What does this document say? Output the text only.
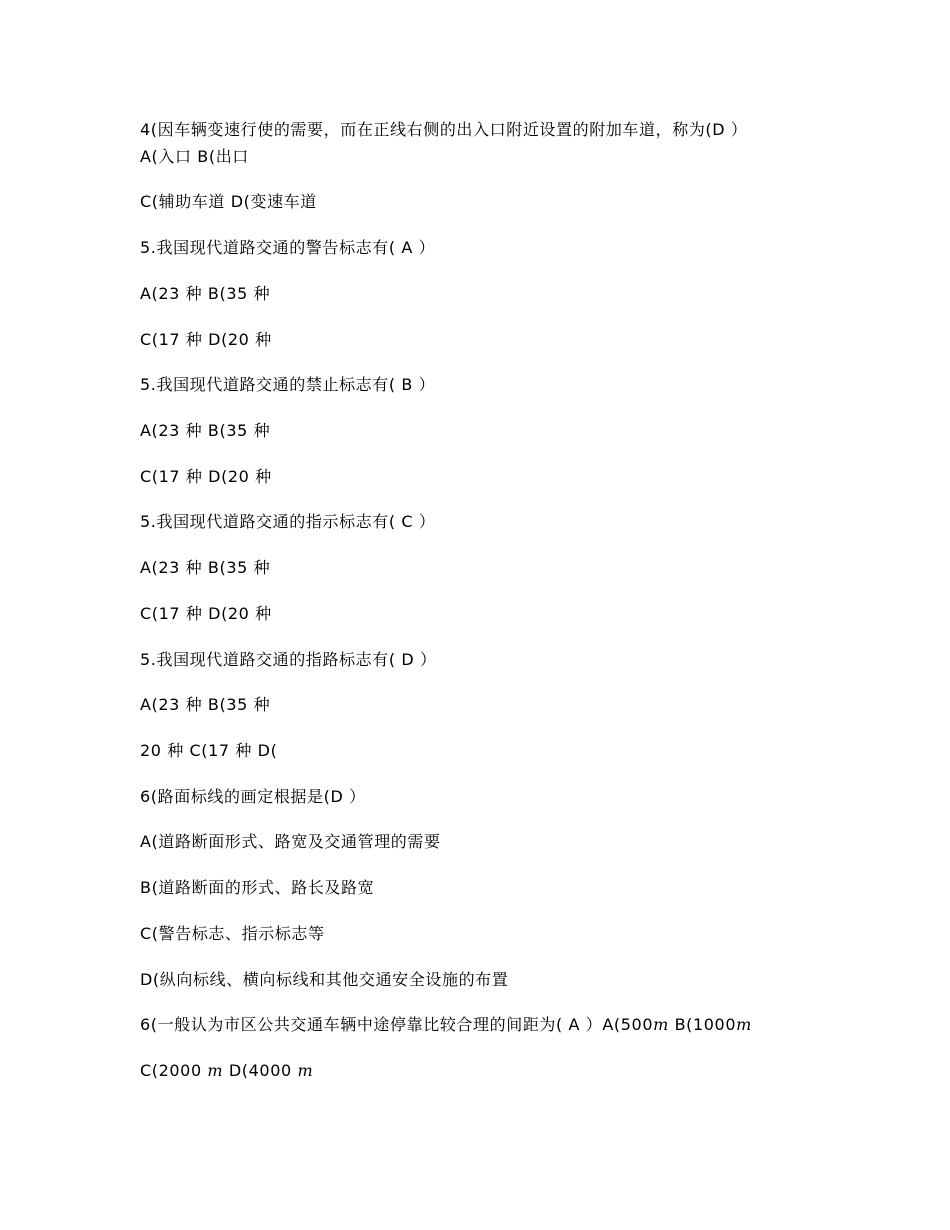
4(因车辆变速行使的需要，而在正线右侧的出入口附近设置的附加车道，称为(D ）
A(入口 B(出口
C(辅助车道 D(变速车道
5.我国现代道路交通的警告标志有( A ）
A(23 种 B(35 种
C(17 种 D(20 种
5.我国现代道路交通的禁止标志有( B ）
A(23 种 B(35 种
C(17 种 D(20 种
5.我国现代道路交通的指示标志有( C ）
A(23 种 B(35 种
C(17 种 D(20 种
5.我国现代道路交通的指路标志有( D ）
A(23 种 B(35 种
20 种 C(17 种 D(
6(路面标线的画定根据是(D ）
A(道路断面形式、路宽及交通管理的需要
B(道路断面的形式、路长及路宽
C(警告标志、指示标志等
D(纵向标线、横向标线和其他交通安全设施的布置
6(一般认为市区公共交通车辆中途停靠比较合理的间距为( A ）A(500m B(1000m
C(2000 m D(4000 m
